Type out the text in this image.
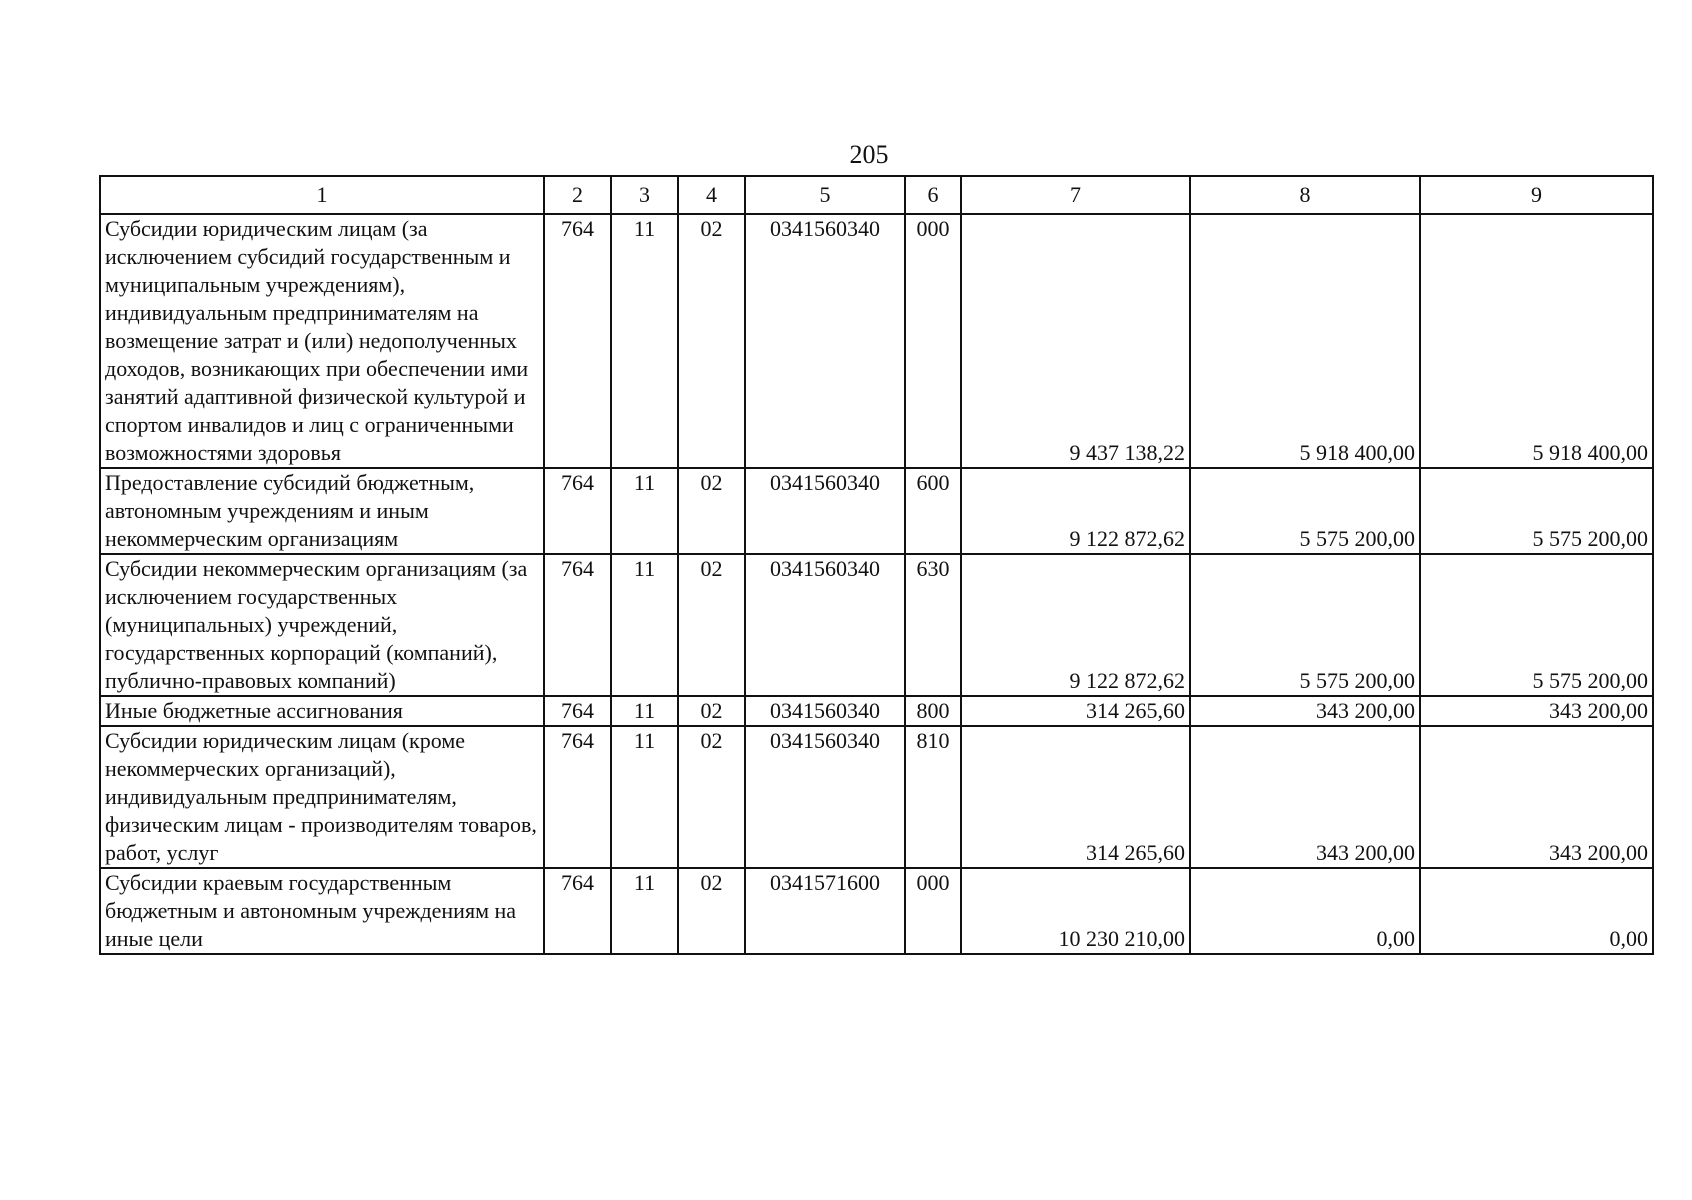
205
1	2	3	4	5	6	7	8	9
Субсидии юридическим лицам (за исключением субсидий государственным и муниципальным учреждениям), индивидуальным предпринимателям на возмещение затрат и (или) недополученных доходов, возникающих при обеспечении ими занятий адаптивной физической культурой и спортом инвалидов и лиц с ограниченными возможностями здоровья	764	11	02	0341560340	000	9 437 138,22	5 918 400,00	5 918 400,00
Предоставление субсидий бюджетным, автономным учреждениям и иным некоммерческим организациям	764	11	02	0341560340	600	9 122 872,62	5 575 200,00	5 575 200,00
Субсидии некоммерческим организациям (за исключением государственных (муниципальных) учреждений, государственных корпораций (компаний), публично-правовых компаний)	764	11	02	0341560340	630	9 122 872,62	5 575 200,00	5 575 200,00
Иные бюджетные ассигнования	764	11	02	0341560340	800	314 265,60	343 200,00	343 200,00
Субсидии юридическим лицам (кроме некоммерческих организаций), индивидуальным предпринимателям, физическим лицам - производителям товаров, работ, услуг	764	11	02	0341560340	810	314 265,60	343 200,00	343 200,00
Субсидии краевым государственным бюджетным и автономным учреждениям на иные цели	764	11	02	0341571600	000	10 230 210,00	0,00	0,00
